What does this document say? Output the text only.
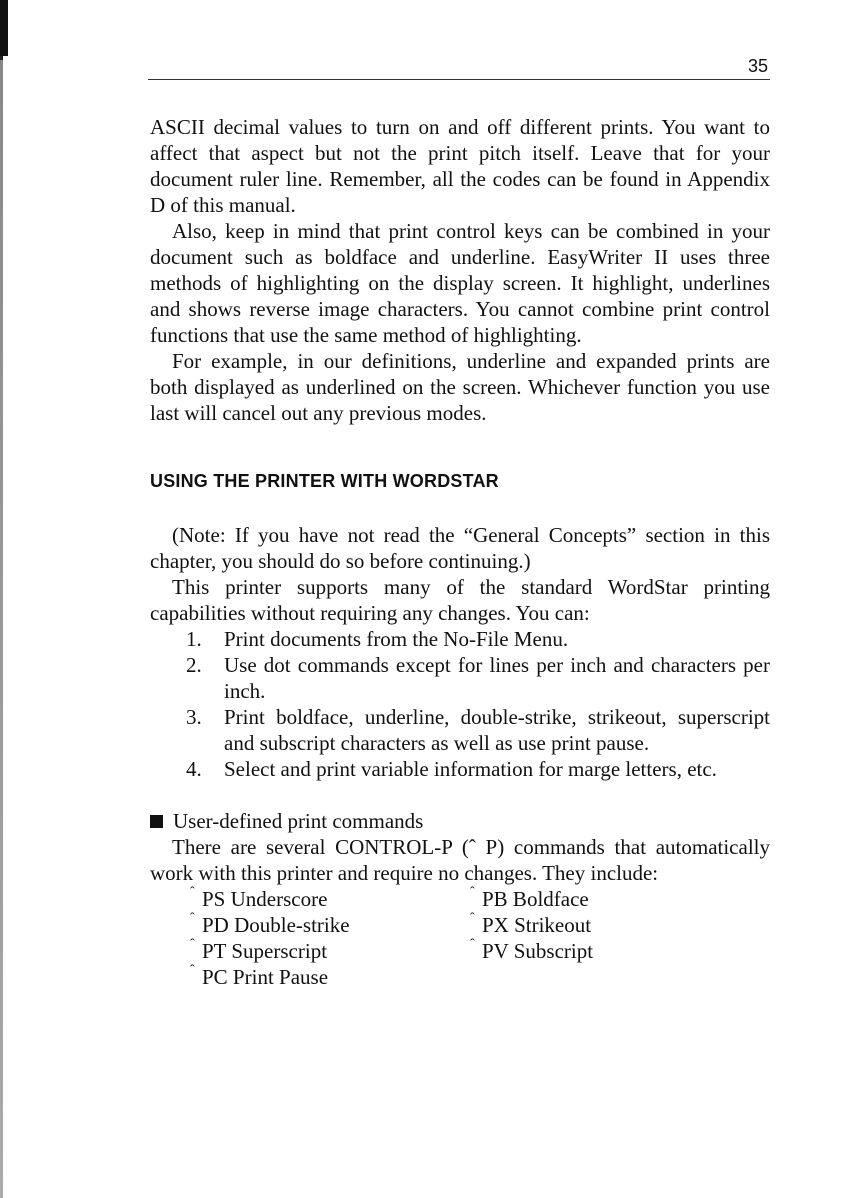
35

ASCII decimal values to turn on and off different prints. You want to affect that aspect but not the print pitch itself. Leave that for your document ruler line. Remember, all the codes can be found in Appendix D of this manual.

Also, keep in mind that print control keys can be combined in your document such as boldface and underline. EasyWriter II uses three methods of highlighting on the display screen. It highlight, underlines and shows reverse image characters. You cannot combine print control functions that use the same method of highlighting.

For example, in our definitions, underline and expanded prints are both displayed as underlined on the screen. Whichever function you use last will cancel out any previous modes.

USING THE PRINTER WITH WORDSTAR

(Note: If you have not read the “General Concepts” section in this chapter, you should do so before continuing.)

This printer supports many of the standard WordStar printing capabilities without requiring any changes. You can:

1.	Print documents from the No-File Menu.
2.	Use dot commands except for lines per inch and characters per inch.
3.	Print boldface, underline, double-strike, strikeout, superscript and subscript characters as well as use print pause.
4.	Select and print variable information for marge letters, etc.
User-defined print commands

There are several CONTROL-P (ˆ P) commands that automatically work with this printer and require no changes. They include:

ˆ PS Underscore	ˆ PB Boldface
ˆ PD Double-strike	ˆ PX Strikeout
ˆ PT Superscript	ˆ PV Subscript
ˆ PC Print Pause
